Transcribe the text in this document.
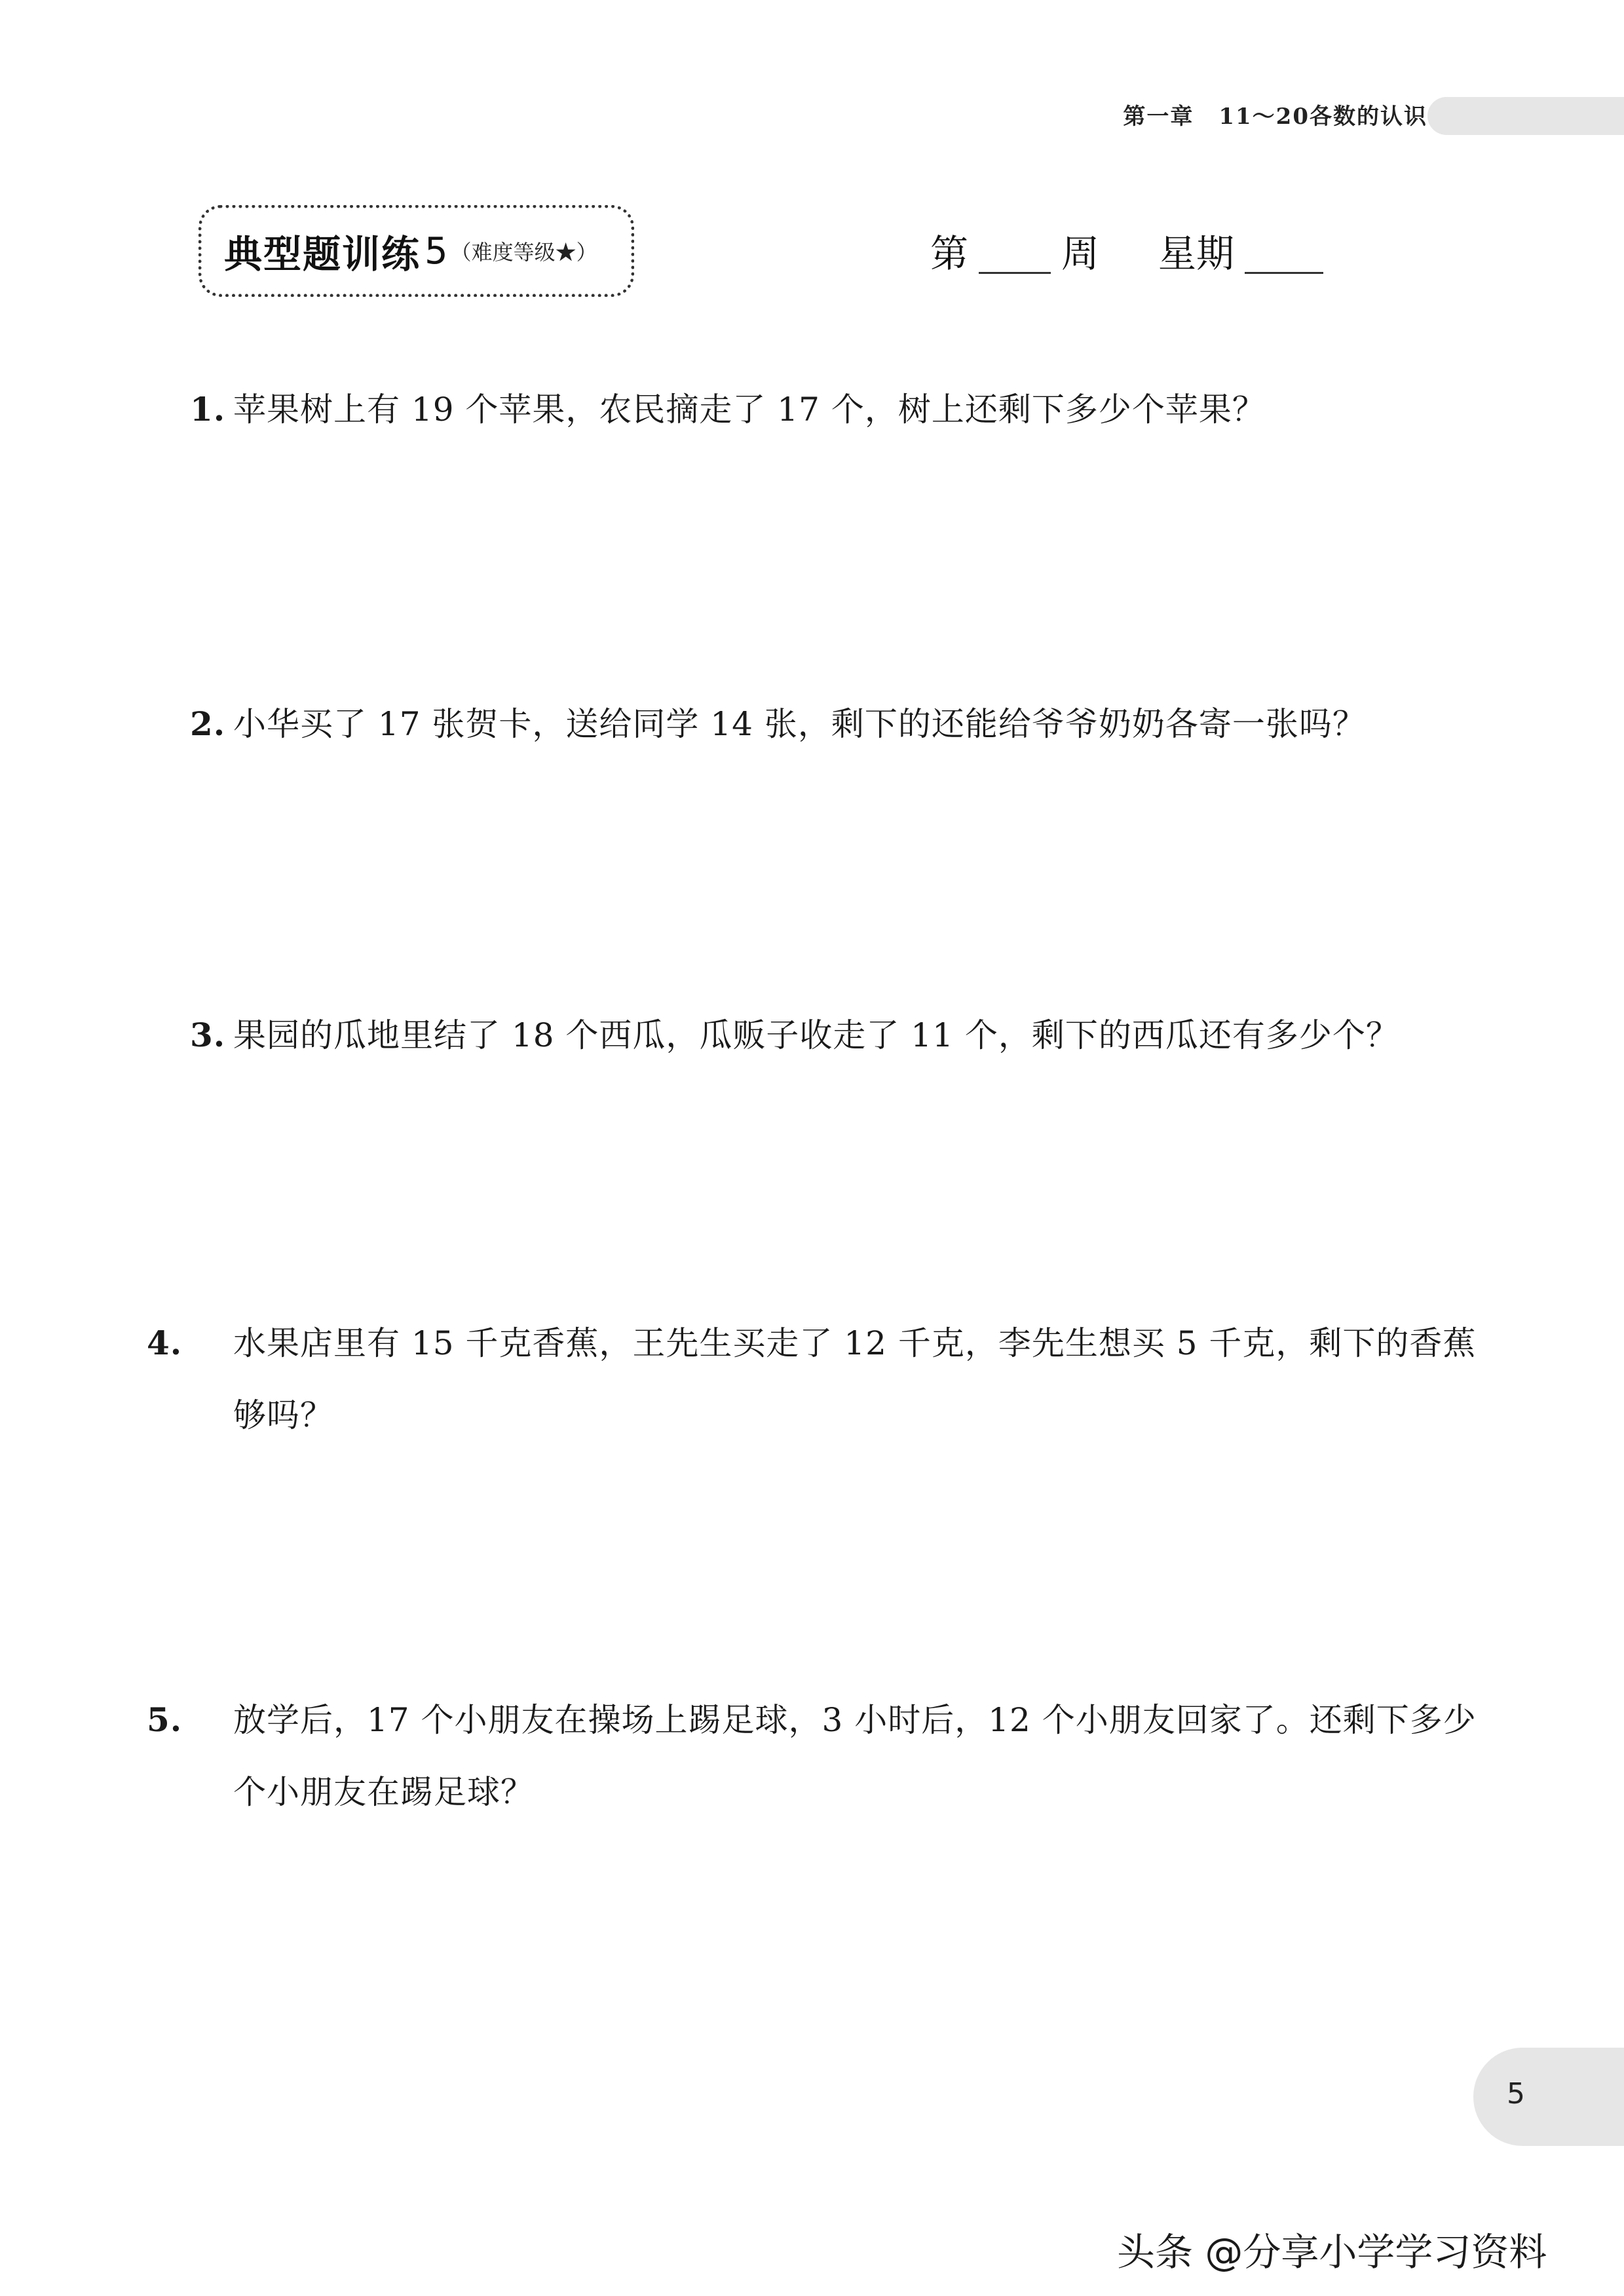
第一章 11～20各数的认识
典型题训练 5 （难度等级★）	第 周 星期
1. 苹果树上有 19 个苹果，农民摘走了 17 个，树上还剩下多少个苹果？
2. 小华买了 17 张贺卡，送给同学 14 张，剩下的还能给爷爷奶奶各寄一张吗？
3. 果园的瓜地里结了 18 个西瓜，瓜贩子收走了 11 个，剩下的西瓜还有多少个？
4. 水果店里有 15 千克香蕉，王先生买走了 12 千克，李先生想买 5 千克，剩下的香蕉够吗？
5. 放学后，17 个小朋友在操场上踢足球，3 小时后，12 个小朋友回家了。还剩下多少个小朋友在踢足球？
5
头条 @分享小学学习资料
